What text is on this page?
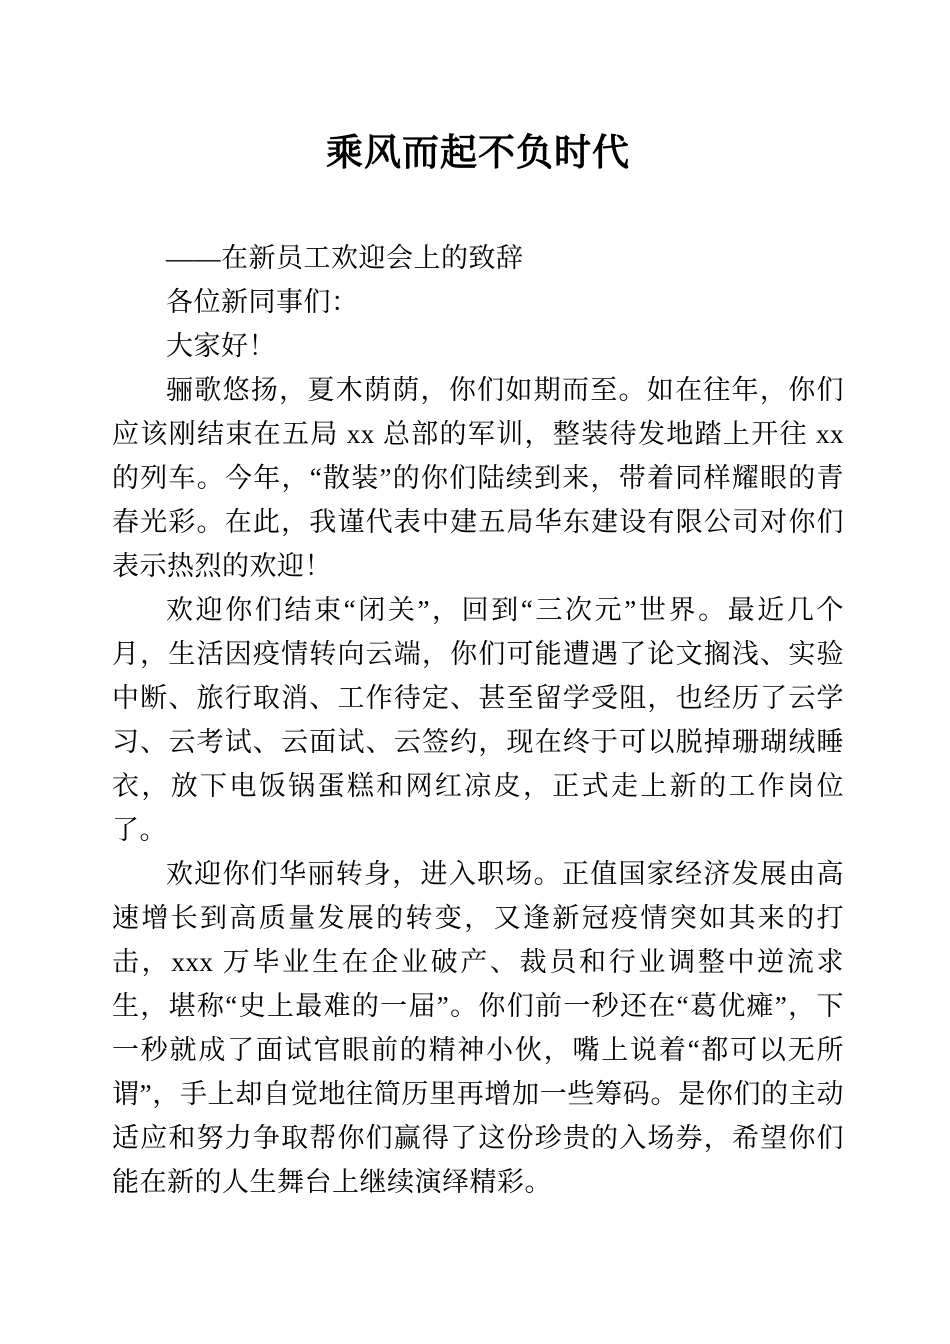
乘风而起不负时代

——在新员工欢迎会上的致辞

各位新同事们：

大家好！

骊歌悠扬，夏木荫荫，你们如期而至。如在往年，你们应该刚结束在五局 xx 总部的军训，整装待发地踏上开往 xx 的列车。今年，“散装”的你们陆续到来，带着同样耀眼的青春光彩。在此，我谨代表中建五局华东建设有限公司对你们表示热烈的欢迎！

欢迎你们结束“闭关”，回到“三次元”世界。最近几个月，生活因疫情转向云端，你们可能遭遇了论文搁浅、实验中断、旅行取消、工作待定、甚至留学受阻，也经历了云学习、云考试、云面试、云签约，现在终于可以脱掉珊瑚绒睡衣，放下电饭锅蛋糕和网红凉皮，正式走上新的工作岗位了。

欢迎你们华丽转身，进入职场。正值国家经济发展由高速增长到高质量发展的转变，又逢新冠疫情突如其来的打击，xxx 万毕业生在企业破产、裁员和行业调整中逆流求生，堪称“史上最难的一届”。你们前一秒还在“葛优瘫”，下一秒就成了面试官眼前的精神小伙，嘴上说着“都可以无所谓”，手上却自觉地往简历里再增加一些筹码。是你们的主动适应和努力争取帮你们赢得了这份珍贵的入场券，希望你们能在新的人生舞台上继续演绎精彩。
